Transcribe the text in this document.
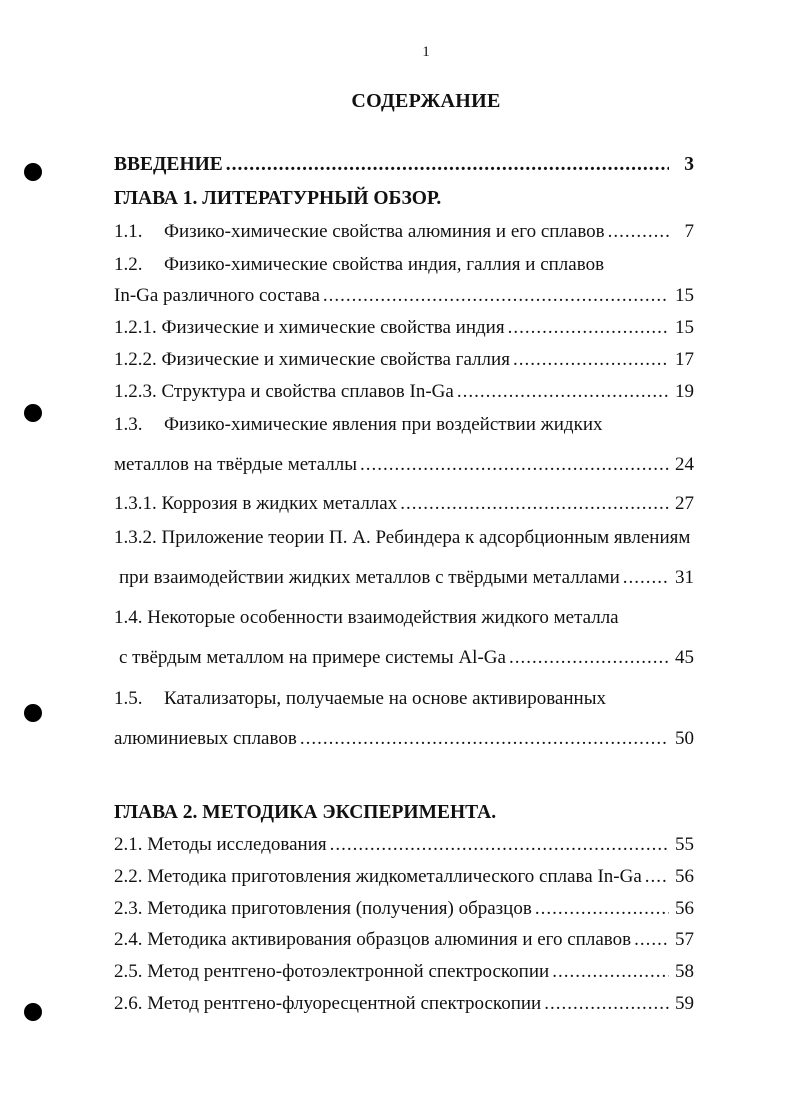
1
СОДЕРЖАНИЕ
ВВЕДЕНИЕ .....	3
ГЛАВА 1. ЛИТЕРАТУРНЫЙ ОБЗОР.
1.1.	Физико-химические свойства алюминия и его сплавов .....	7
1.2.	Физико-химические свойства индия, галлия и сплавов
In-Ga различного состава .....	15
1.2.1. Физические и химические свойства индия .....	15
1.2.2. Физические и химические свойства галлия .....	17
1.2.3. Структура и свойства сплавов In-Ga .....	19
1.3.	Физико-химические явления при воздействии жидких
металлов на твёрдые металлы .....	24
1.3.1. Коррозия в жидких металлах .....	27
1.3.2. Приложение теории П. А. Ребиндера к адсорбционным явлениям
при взаимодействии жидких металлов с твёрдыми металлами .....	31
1.4. Некоторые особенности взаимодействия жидкого металла
с твёрдым металлом на примере системы Al-Ga .....	45
1.5.	Катализаторы, получаемые на основе активированных
алюминиевых сплавов .....	50
ГЛАВА 2. МЕТОДИКА ЭКСПЕРИМЕНТА.
2.1. Методы исследования .....	55
2.2. Методика приготовления жидкометаллического сплава In-Ga ..... 56
2.3. Методика приготовления (получения) образцов .....	56
2.4. Методика активирования образцов алюминия и его сплавов ..... 57
2.5. Метод рентгено-фотоэлектронной спектроскопии .....	58
2.6. Метод рентгено-флуоресцентной спектроскопии .....	59
